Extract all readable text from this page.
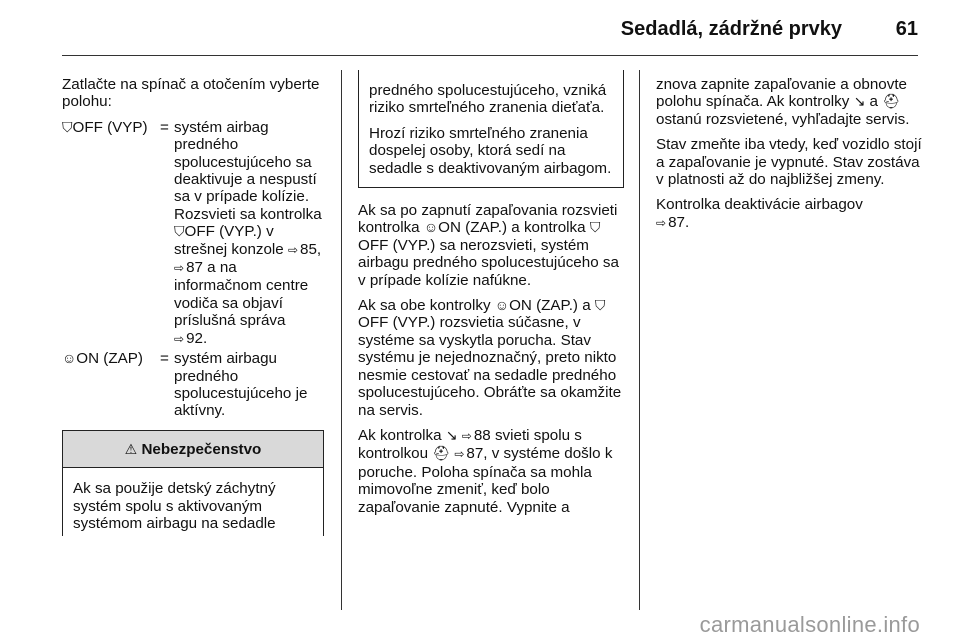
Sedadlá, zádržné prvky	61

Zatlačte na spínač a otočením vyberte polohu:

⛉OFF (VYP) = systém airbag predného spolucestujúceho sa deaktivuje a nespustí sa v prípade kolízie. Rozsvieti sa kontrolka ⛉OFF (VYP.) v strešnej konzole ⇨ 85,
⇨ 87 a na informačnom centre vodiča sa objaví príslušná správa
⇨ 92.
☺ON (ZAP)	= systém airbagu predného spolucestujúceho je aktívny.
⚠ Nebezpečenstvo
Ak sa použije detský záchytný systém spolu s aktivovaným systémom airbagu na sedadle

predného spolucestujúceho, vzniká riziko smrteľného zranenia dieťaťa.

Hrozí riziko smrteľného zranenia dospelej osoby, ktorá sedí na sedadle s deaktivovaným airbagom.

Ak sa po zapnutí zapaľovania rozsvieti kontrolka ☺ON (ZAP.) a kontrolka ⛉OFF (VYP.) sa nerozsvieti, systém airbagu predného spolucestujúceho sa v prípade kolízie nafúkne.

Ak sa obe kontrolky ☺ON (ZAP.) a ⛉OFF (VYP.) rozsvietia súčasne, v systéme sa vyskytla porucha. Stav systému je nejednoznačný, preto nikto nesmie cestovať na sedadle predného spolucestujúceho. Obráťte sa okamžite na servis.

Ak kontrolka ↘ ⇨ 88 svieti spolu s kontrolkou ⛑ ⇨ 87, v systéme došlo k poruche. Poloha spínača sa mohla mimovoľne zmeniť, keď bolo zapaľovanie zapnuté. Vypnite a

znova zapnite zapaľovanie a obnovte polohu spínača. Ak kontrolky ↘ a ⛑ ostanú rozsvietené, vyhľadajte servis.

Stav zmeňte iba vtedy, keď vozidlo stojí a zapaľovanie je vypnuté. Stav zostáva v platnosti až do najbližšej zmeny.

Kontrolka deaktivácie airbagov
⇨ 87.

carmanualsonline.info
